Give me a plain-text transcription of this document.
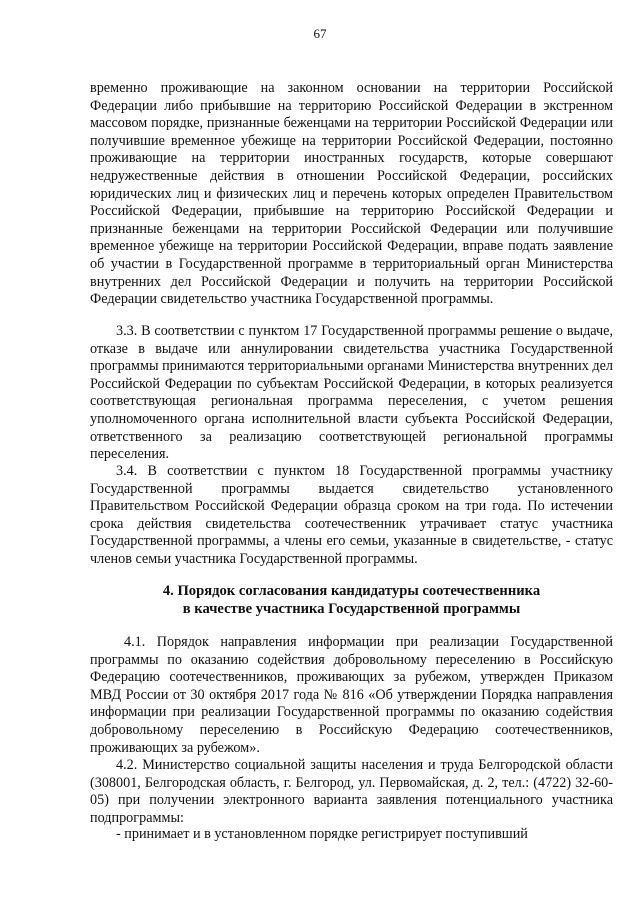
67
временно проживающие на законном основании на территории Российской Федерации либо прибывшие на территорию Российской Федерации в экстренном массовом порядке, признанные беженцами на территории Российской Федерации или получившие временное убежище на территории Российской Федерации, постоянно проживающие на территории иностранных государств, которые совершают недружественные действия в отношении Российской Федерации, российских юридических лиц и физических лиц и перечень которых определен Правительством Российской Федерации, прибывшие на территорию Российской Федерации и признанные беженцами на территории Российской Федерации или получившие временное убежище на территории Российской Федерации, вправе подать заявление об участии в Государственной программе в территориальный орган Министерства внутренних дел Российской Федерации и получить на территории Российской Федерации свидетельство участника Государственной программы.
3.3. В соответствии с пунктом 17 Государственной программы решение о выдаче, отказе в выдаче или аннулировании свидетельства участника Государственной программы принимаются территориальными органами Министерства внутренних дел Российской Федерации по субъектам Российской Федерации, в которых реализуется соответствующая региональная программа переселения, с учетом решения уполномоченного органа исполнительной власти субъекта Российской Федерации, ответственного за реализацию соответствующей региональной программы переселения.
3.4. В соответствии с пунктом 18 Государственной программы участнику Государственной программы выдается свидетельство установленного Правительством Российской Федерации образца сроком на три года. По истечении срока действия свидетельства соотечественник утрачивает статус участника Государственной программы, а члены его семьи, указанные в свидетельстве, - статус членов семьи участника Государственной программы.
4. Порядок согласования кандидатуры соотечественника
в качестве участника Государственной программы
4.1. Порядок направления информации при реализации Государственной программы по оказанию содействия добровольному переселению в Российскую Федерацию соотечественников, проживающих за рубежом, утвержден Приказом МВД России от 30 октября 2017 года № 816 «Об утверждении Порядка направления информации при реализации Государственной программы по оказанию содействия добровольному переселению в Российскую Федерацию соотечественников, проживающих за рубежом».
4.2. Министерство социальной защиты населения и труда Белгородской области (308001, Белгородская область, г. Белгород, ул. Первомайская, д. 2, тел.: (4722) 32-60-05) при получении электронного варианта заявления потенциального участника подпрограммы:
- принимает и в установленном порядке регистрирует поступивший
